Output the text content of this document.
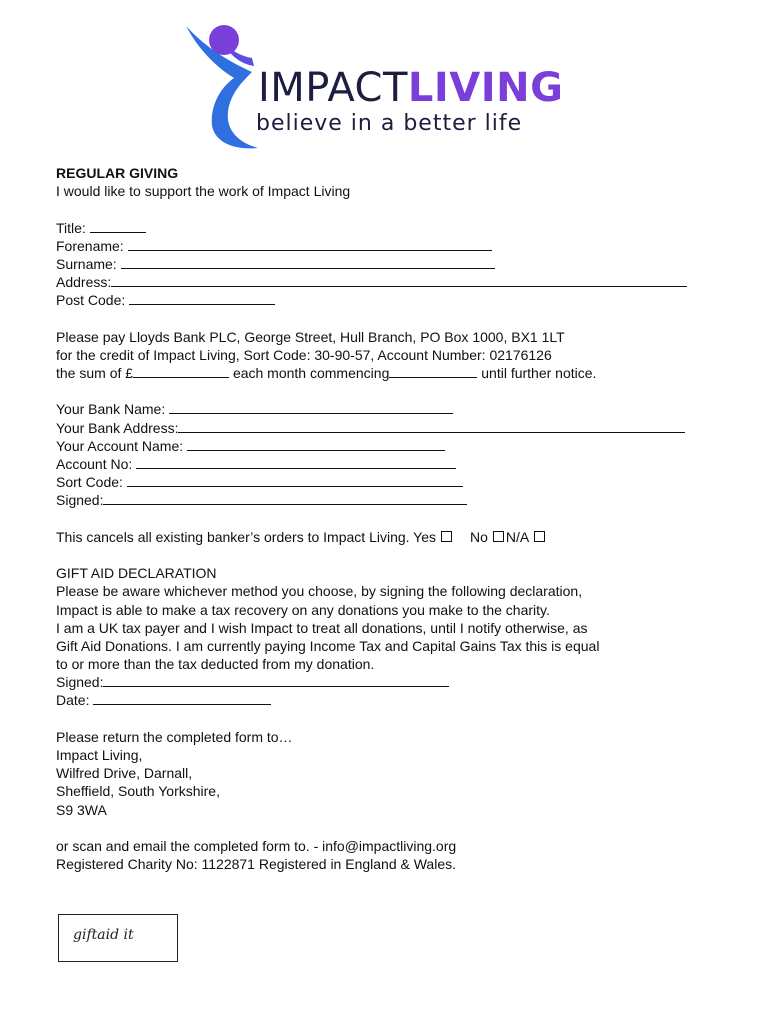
IMPACTLIVING
believe in a better life
REGULAR GIVING
I would like to support the work of Impact Living
Title:
Forename:
Surname:
Address:
Post Code:
Please pay Lloyds Bank PLC, George Street, Hull Branch, PO Box 1000, BX1 1LT
for the credit of Impact Living, Sort Code: 30-90-57, Account Number: 02176126
the sum of £	each month commencing	until further notice.
Your Bank Name:
Your Bank Address:
Your Account Name:
Account No:
Sort Code:
Signed:
This cancels all existing banker’s orders to Impact Living. Yes No N/A
GIFT AID DECLARATION
Please be aware whichever method you choose, by signing the following declaration,
Impact is able to make a tax recovery on any donations you make to the charity.
I am a UK tax payer and I wish Impact to treat all donations, until I notify otherwise, as
Gift Aid Donations. I am currently paying Income Tax and Capital Gains Tax this is equal
to or more than the tax deducted from my donation.
Signed:
Date:
Please return the completed form to…
Impact Living,
Wilfred Drive, Darnall,
Sheffield, South Yorkshire,
S9 3WA
or scan and email the completed form to. - info@impactliving.org
Registered Charity No: 1122871 Registered in England & Wales.
giftaid it
